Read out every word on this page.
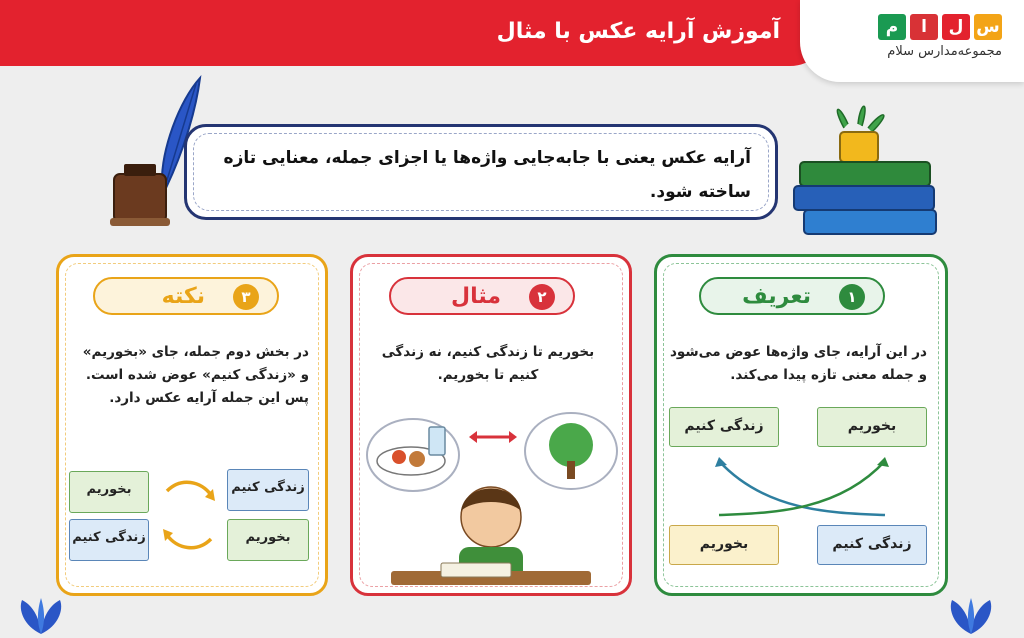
آموزش آرایه عکس با مثال	س
ل
ا
م
مجموعه‌مدارس سلام
آرایه عکس یعنی با جابه‌جایی واژه‌ها یا اجزای جمله، معنایی تازه
ساخته شود.
۱
تعریف
در این آرایه، جای واژه‌ها عوض می‌شود
و جمله معنی تازه پیدا می‌کند.
بخوریم
زندگی کنیم
زندگی کنیم
بخوریم
۲
مثال
بخوریم تا زندگی کنیم، نه زندگی
کنیم تا بخوریم.
۳
نکته
در بخش دوم جمله، جای «بخوریم»
و «زندگی کنیم» عوض شده است.
پس این جمله آرایه عکس دارد.
زندگی کنیم
بخوریم
بخوریم
زندگی کنیم
